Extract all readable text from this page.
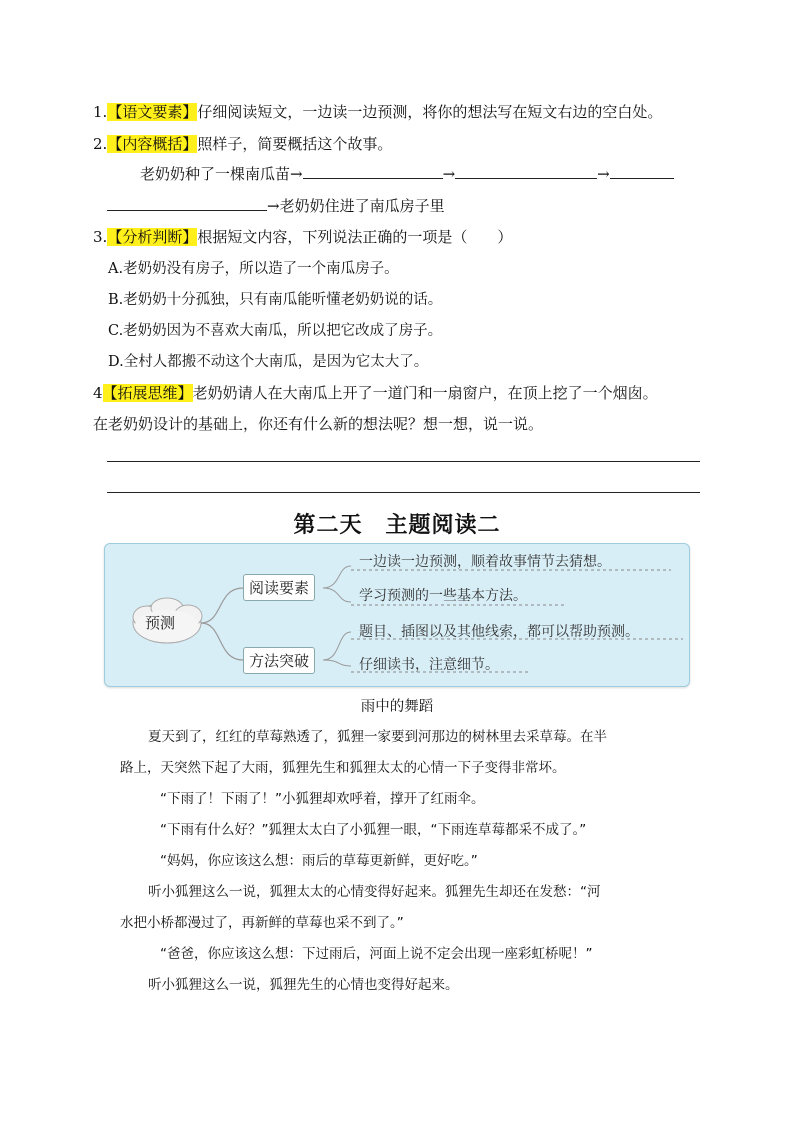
1.【语文要素】仔细阅读短文，一边读一边预测，将你的想法写在短文右边的空白处。
2.【内容概括】照样子，简要概括这个故事。
老奶奶种了一棵南瓜苗→	→	→
→老奶奶住进了南瓜房子里
3.【分析判断】根据短文内容，下列说法正确的一项是（　　）
A.老奶奶没有房子，所以造了一个南瓜房子。
B.老奶奶十分孤独，只有南瓜能听懂老奶奶说的话。
C.老奶奶因为不喜欢大南瓜，所以把它改成了房子。
D.全村人都搬不动这个大南瓜，是因为它太大了。
4【拓展思维】老奶奶请人在大南瓜上开了一道门和一扇窗户，在顶上挖了一个烟囱。
在老奶奶设计的基础上，你还有什么新的想法呢？想一想，说一说。
第二天　主题阅读二
预测
阅读要素
方法突破
一边读一边预测，顺着故事情节去猜想。
学习预测的一些基本方法。
题目、插图以及其他线索，都可以帮助预测。
仔细读书，注意细节。
雨中的舞蹈
夏天到了，红红的草莓熟透了，狐狸一家要到河那边的树林里去采草莓。在半
路上，天突然下起了大雨，狐狸先生和狐狸太太的心情一下子变得非常坏。
“下雨了！下雨了！”小狐狸却欢呼着，撑开了红雨伞。
“下雨有什么好？”狐狸太太白了小狐狸一眼，“下雨连草莓都采不成了。”
“妈妈，你应该这么想：雨后的草莓更新鲜，更好吃。”
听小狐狸这么一说，狐狸太太的心情变得好起来。狐狸先生却还在发愁：“河
水把小桥都漫过了，再新鲜的草莓也采不到了。”
“爸爸，你应该这么想：下过雨后，河面上说不定会出现一座彩虹桥呢！”
听小狐狸这么一说，狐狸先生的心情也变得好起来。
